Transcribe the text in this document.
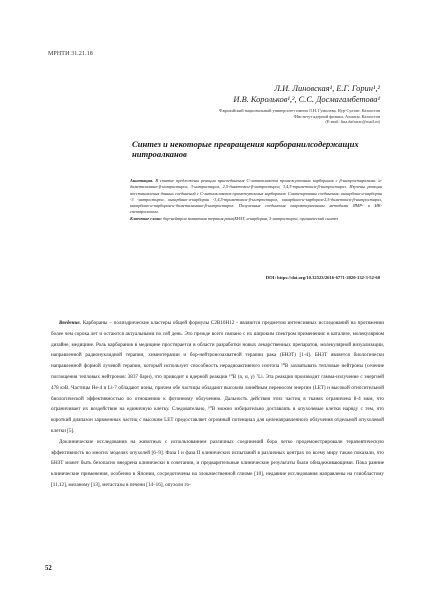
МРНТИ 31.21.18
Л.И. Линовская¹, Е.Г. Горин¹,²
И.В. Корольков¹,², С.С. Досмагамбетова¹
¹Евразийский национальный университет имени Л.Н. Гумилева, Нур-Султан, Казахстан
²Институт ядерной физики, Алматы, Казахстан
(E-mail: lina.dafrarac@mail.ru)
Синтез и некоторые превращения карборанилсодержащих нитроалканов
Аннотация. В статье предложены реакции присоединения С-литиоклавозов промежуточных карборанов с β-нитростиролами: н-диметиламино-β-нитростирол, 3-нитростирол, 2,5-диметокси-β-нитростирол, 3,4,5-триметокси-β-нитростирол. Изучены реакции восстановления данных соединений с С-литиоклавозов промежуточных карборанов. Синтезированы соединения: кикарбано-н-карборан -3 -нитростирол, кикарбано-н-карборан -3,4,5-триметокси-β-нитростирол, кикарбано-н-карборан-2,5-диметокси-β-нитростирол, кикарбано-н-карборан-н-диметиламино-β-нитростирол. Полученные соединения охарактеризованы методами ЯМР- и ИК-спектроскопии.
Ключевые слова: бор-нейтрон захватная терапия рака(БНЗТ, н-карборан, 3-нитростирол, органический синтез
DOI: https://doi.org/10.32523/2616-6771-2020-132-3-52-60

Введение. Карбораны – полиэдрические кластеры общей формулы C2B10H12 - являются предметом интенсивных исследований на протяжении более чем сорока лет и остаются актуальными по сей день. Это прежде всего связано с их широким спектром применения: в катализе, молекулярном дизайне, медицине. Роль карборанов в медицине простирается в области разработки новых лекарственных препаратов, молекулярной визуализации, направленной радионуклидной терапии, химиотерапии и бор-нейтронозахватной терапии рака (БНЗТ) [1-4]. БНЗТ является биологически направленной формой лучевой терапии, который использует способность нерадиоактивного изотопа ¹⁰B захватывать тепловые нейтроны (сечение поглощения тепловых нейтронов: 3837 барн), что приводит к ядерной реакции ¹⁰B (n, α, γ) ⁷Li. Эта реакция производит гамма-излучение с энергией 478 кэВ. Частицы He-4 и Li-7 обладают ионы, причем обе частицы обладают высоким линейным переносом энергии (LET) и высокой относительной биологической эффективностью по отношению к фотонному облучению. Дальность действия этих частиц в тканях ограничена 8-4 мкм, что ограничивает их воздействие на единичную клетку. Следовательно, ¹⁰B можно избирательно доставлять в опухолевые клетки наряду с тем, что короткий диапазон заряженных частиц с высоким LET предоставляет огромный потенциал для целенаправленного облучения отдельной опухолевой клетки [5].

Доклинические исследования на животных с использованием различных соединений бора четко продемонстрировали терапевтическую эффективность во многих моделях опухолей [6–9]. Фаза I и фаза II клинических испытаний в различных центрах по всему миру также показали, что БНЗТ может быть безопасно внедрена клинически в сочетании, и предварительные клинические результаты были обнадеживающими. Пока ранние клинические применения, особенно в Японии, сосредоточены на злокачественной глиоме [10], недавние исследования направлены на глиобластому [11,12], меланому [13], метастазы в печени [14–16], опухоли го-

52
